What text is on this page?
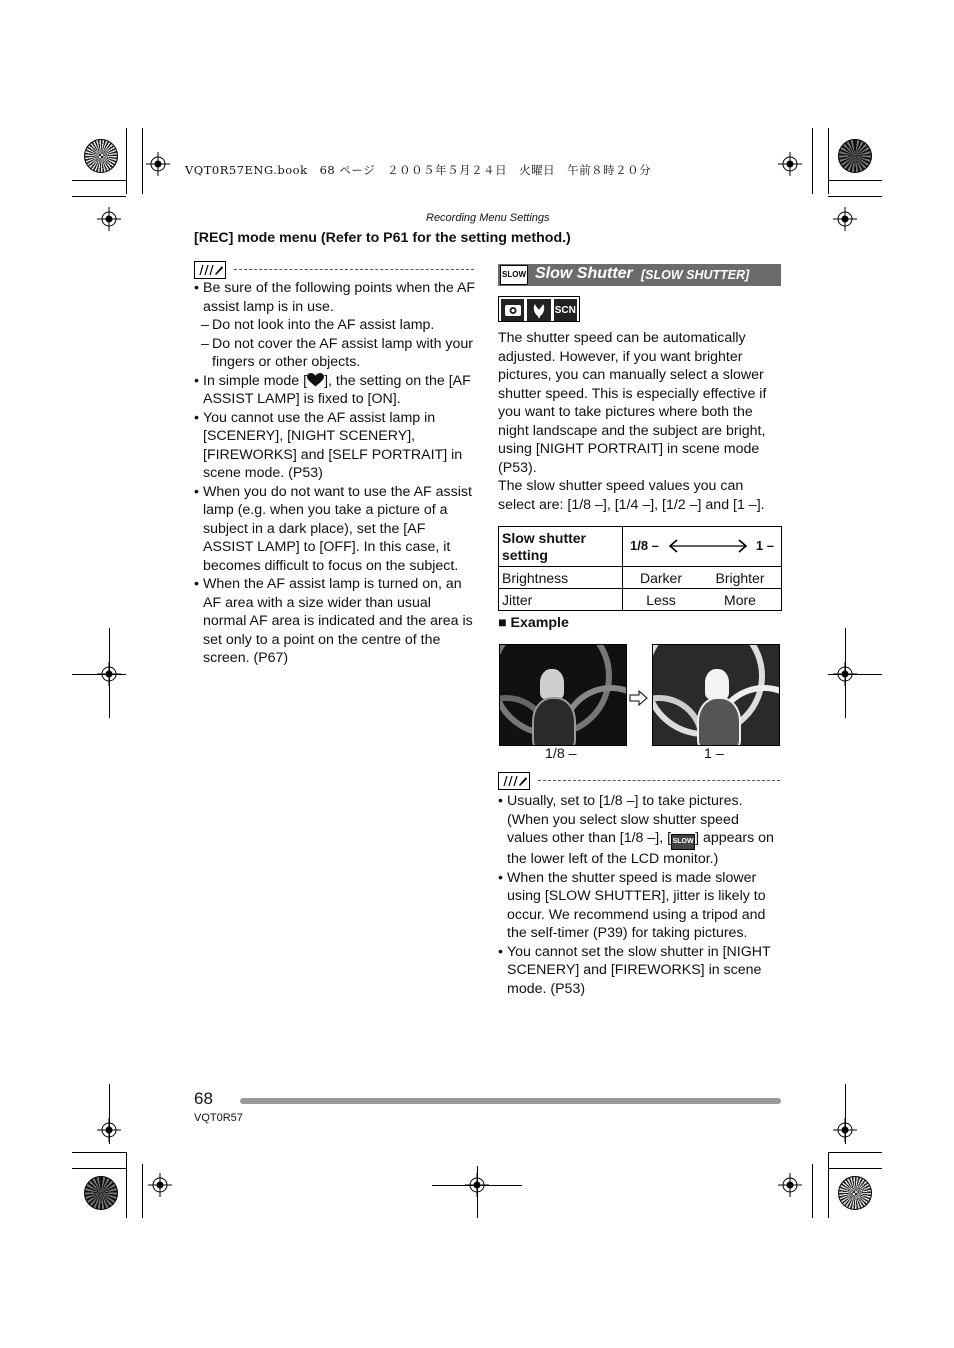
VQT0R57ENG.book　68 ページ　２００５年５月２４日　火曜日　午前８時２０分
Recording Menu Settings
[REC] mode menu (Refer to P61 for the setting method.)
• Be sure of the following points when the AF assist lamp is in use.
– Do not look into the AF assist lamp.
– Do not cover the AF assist lamp with your fingers or other objects.
• In simple mode [ ], the setting on the [AF ASSIST LAMP] is fixed to [ON].
• You cannot use the AF assist lamp in [SCENERY], [NIGHT SCENERY], [FIREWORKS] and [SELF PORTRAIT] in scene mode. (P53)
• When you do not want to use the AF assist lamp (e.g. when you take a picture of a subject in a dark place), set the [AF ASSIST LAMP] to [OFF]. In this case, it becomes difficult to focus on the subject.
• When the AF assist lamp is turned on, an AF area with a size wider than usual normal AF area is indicated and the area is set only to a point on the centre of the screen. (P67)
SLOW Slow Shutter [SLOW SHUTTER]
SCN
The shutter speed can be automatically adjusted. However, if you want brighter pictures, you can manually select a slower shutter speed. This is especially effective if you want to take pictures where both the night landscape and the subject are bright, using [NIGHT PORTRAIT] in scene mode (P53).
The slow shutter speed values you can select are: [1/8 –], [1/4 –], [1/2 –] and [1 –].
Slow shutter setting	1/8 – 1 –	

Brightness	Darker	Brighter
Jitter	Less	More
■ Example
1/8 –	1 –
• Usually, set to [1/8 –] to take pictures. (When you select slow shutter speed values other than [1/8 –], [ SLOW ] appears on the lower left of the LCD monitor.)
• When the shutter speed is made slower using [SLOW SHUTTER], jitter is likely to occur. We recommend using a tripod and the self-timer (P39) for taking pictures.
• You cannot set the slow shutter in [NIGHT SCENERY] and [FIREWORKS] in scene mode. (P53)
68
VQT0R57
